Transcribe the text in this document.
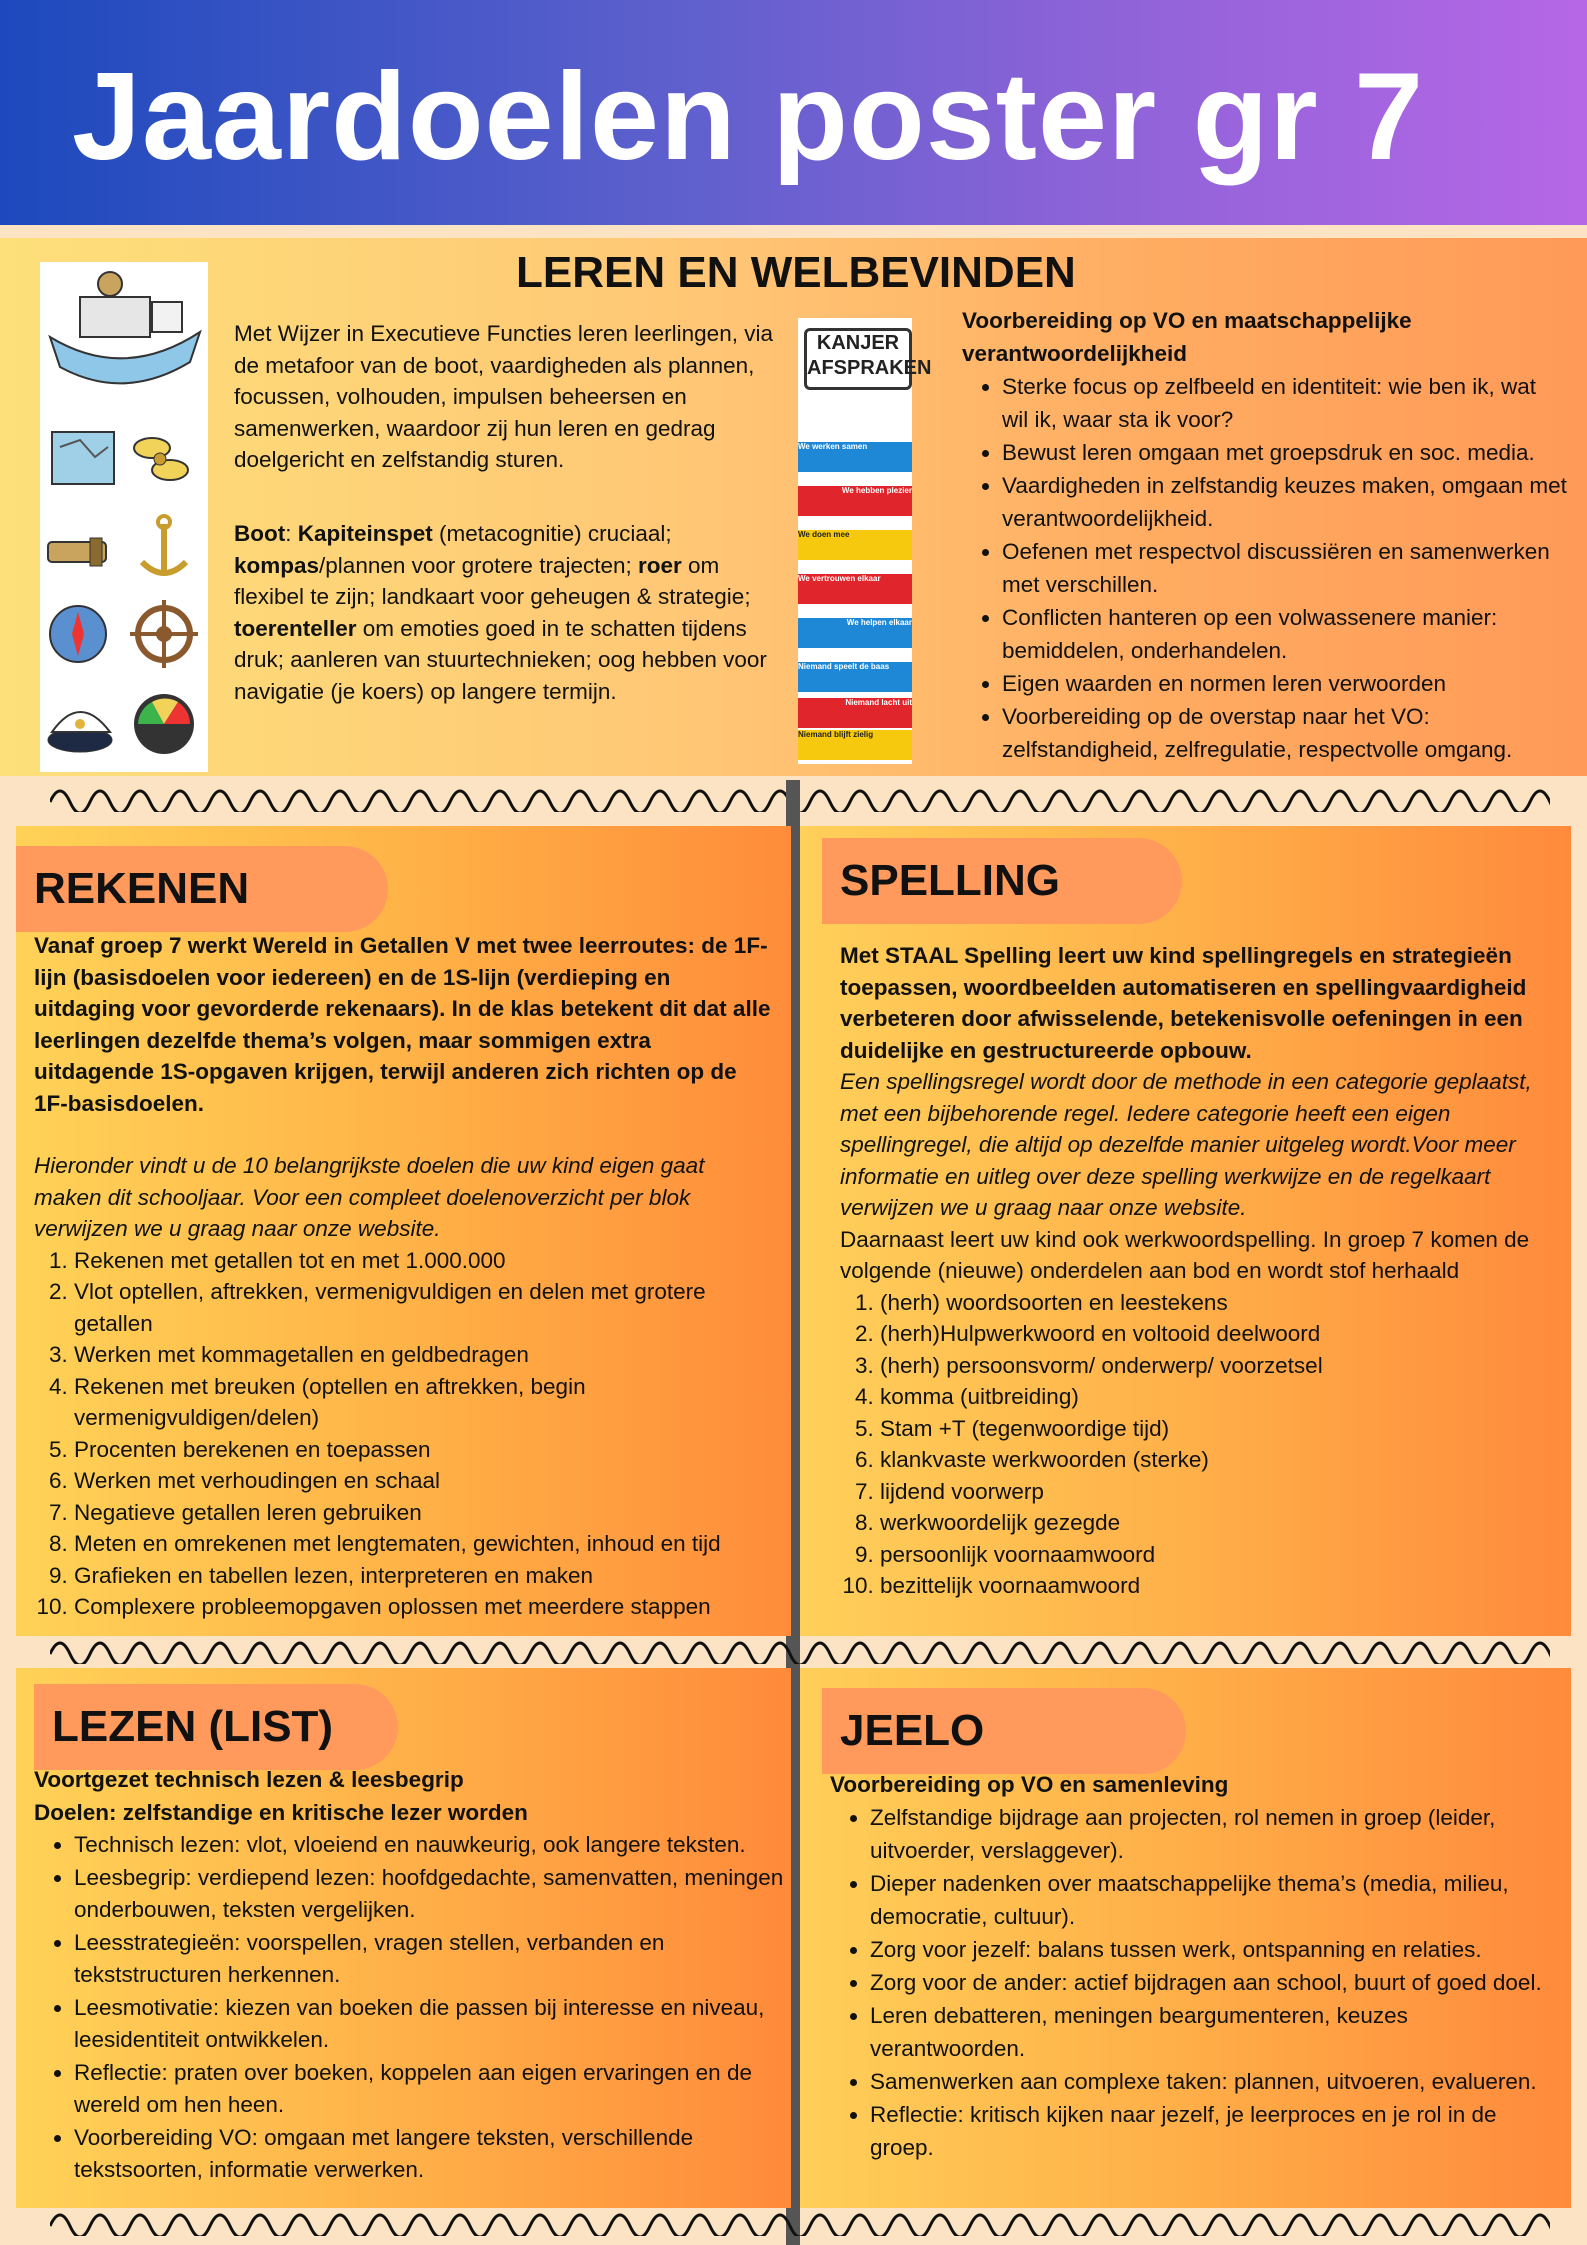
Jaardoelen poster gr 7
LEREN EN WELBEVINDEN
Met Wijzer in Executieve Functies leren leerlingen, via de metafoor van de boot, vaardigheden als plannen, focussen, volhouden, impulsen beheersen en samenwerken, waardoor zij hun leren en gedrag doelgericht en zelfstandig sturen.
Boot: Kapiteinspet (metacognitie) cruciaal; kompas/plannen voor grotere trajecten; roer om flexibel te zijn; landkaart voor geheugen & strategie; toerenteller om emoties goed in te schatten tijdens druk; aanleren van stuurtechnieken; oog hebben voor navigatie (je koers) op langere termijn.
KANJER AFSPRAKEN
We werken samen
We hebben plezier
We doen mee
We vertrouwen elkaar
We helpen elkaar
Niemand speelt de baas
Niemand lacht uit
Niemand blijft zielig

Voorbereiding op VO en maatschappelijke verantwoordelijkheid

• Sterke focus op zelfbeeld en identiteit: wie ben ik, wat wil ik, waar sta ik voor?
• Bewust leren omgaan met groepsdruk en soc. media.
• Vaardigheden in zelfstandig keuzes maken, omgaan met verantwoordelijkheid.
• Oefenen met respectvol discussiëren en samenwerken met verschillen.
• Conflicten hanteren op een volwassenere manier: bemiddelen, onderhandelen.
• Eigen waarden en normen leren verwoorden
• Voorbereiding op de overstap naar het VO: zelfstandigheid, zelfregulatie, respectvolle omgang.
REKENEN

Vanaf groep 7 werkt Wereld in Getallen V met twee leerroutes: de 1F-lijn (basisdoelen voor iedereen) en de 1S-lijn (verdieping en uitdaging voor gevorderde rekenaars). In de klas betekent dit dat alle leerlingen dezelfde thema’s volgen, maar sommigen extra uitdagende 1S-opgaven krijgen, terwijl anderen zich richten op de 1F-basisdoelen.

Hieronder vindt u de 10 belangrijkste doelen die uw kind eigen gaat maken dit schooljaar. Voor een compleet doelenoverzicht per blok verwijzen we u graag naar onze website.

1. Rekenen met getallen tot en met 1.000.000
2. Vlot optellen, aftrekken, vermenigvuldigen en delen met grotere getallen
3. Werken met kommagetallen en geldbedragen
4. Rekenen met breuken (optellen en aftrekken, begin vermenigvuldigen/delen)
5. Procenten berekenen en toepassen
6. Werken met verhoudingen en schaal
7. Negatieve getallen leren gebruiken
8. Meten en omrekenen met lengtematen, gewichten, inhoud en tijd
9. Grafieken en tabellen lezen, interpreteren en maken
10. Complexere probleemopgaven oplossen met meerdere stappen
SPELLING

Met STAAL Spelling leert uw kind spellingregels en strategieën toepassen, woordbeelden automatiseren en spellingvaardigheid verbeteren door afwisselende, betekenisvolle oefeningen in een duidelijke en gestructureerde opbouw.

Een spellingsregel wordt door de methode in een categorie geplaatst, met een bijbehorende regel. Iedere categorie heeft een eigen spellingregel, die altijd op dezelfde manier uitgeleg wordt.Voor meer informatie en uitleg over deze spelling werkwijze en de regelkaart verwijzen we u graag naar onze website.

Daarnaast leert uw kind ook werkwoordspelling. In groep 7 komen de volgende (nieuwe) onderdelen aan bod en wordt stof herhaald

1. (herh) woordsoorten en leestekens
2. (herh)Hulpwerkwoord en voltooid deelwoord
3. (herh) persoonsvorm/ onderwerp/ voorzetsel
4. komma (uitbreiding)
5. Stam +T (tegenwoordige tijd)
6. klankvaste werkwoorden (sterke)
7. lijdend voorwerp
8. werkwoordelijk gezegde
9. persoonlijk voornaamwoord
10. bezittelijk voornaamwoord
LEZEN (LIST)

Voortgezet technisch lezen & leesbegrip

Doelen: zelfstandige en kritische lezer worden

• Technisch lezen: vlot, vloeiend en nauwkeurig, ook langere teksten.
• Leesbegrip: verdiepend lezen: hoofdgedachte, samenvatten, meningen onderbouwen, teksten vergelijken.
• Leesstrategieën: voorspellen, vragen stellen, verbanden en tekststructuren herkennen.
• Leesmotivatie: kiezen van boeken die passen bij interesse en niveau, leesidentiteit ontwikkelen.
• Reflectie: praten over boeken, koppelen aan eigen ervaringen en de wereld om hen heen.
• Voorbereiding VO: omgaan met langere teksten, verschillende tekstsoorten, informatie verwerken.
JEELO

Voorbereiding op VO en samenleving

• Zelfstandige bijdrage aan projecten, rol nemen in groep (leider, uitvoerder, verslaggever).
• Dieper nadenken over maatschappelijke thema’s (media, milieu, democratie, cultuur).
• Zorg voor jezelf: balans tussen werk, ontspanning en relaties.
• Zorg voor de ander: actief bijdragen aan school, buurt of goed doel.
• Leren debatteren, meningen beargumenteren, keuzes verantwoorden.
• Samenwerken aan complexe taken: plannen, uitvoeren, evalueren.
• Reflectie: kritisch kijken naar jezelf, je leerproces en je rol in de groep.
